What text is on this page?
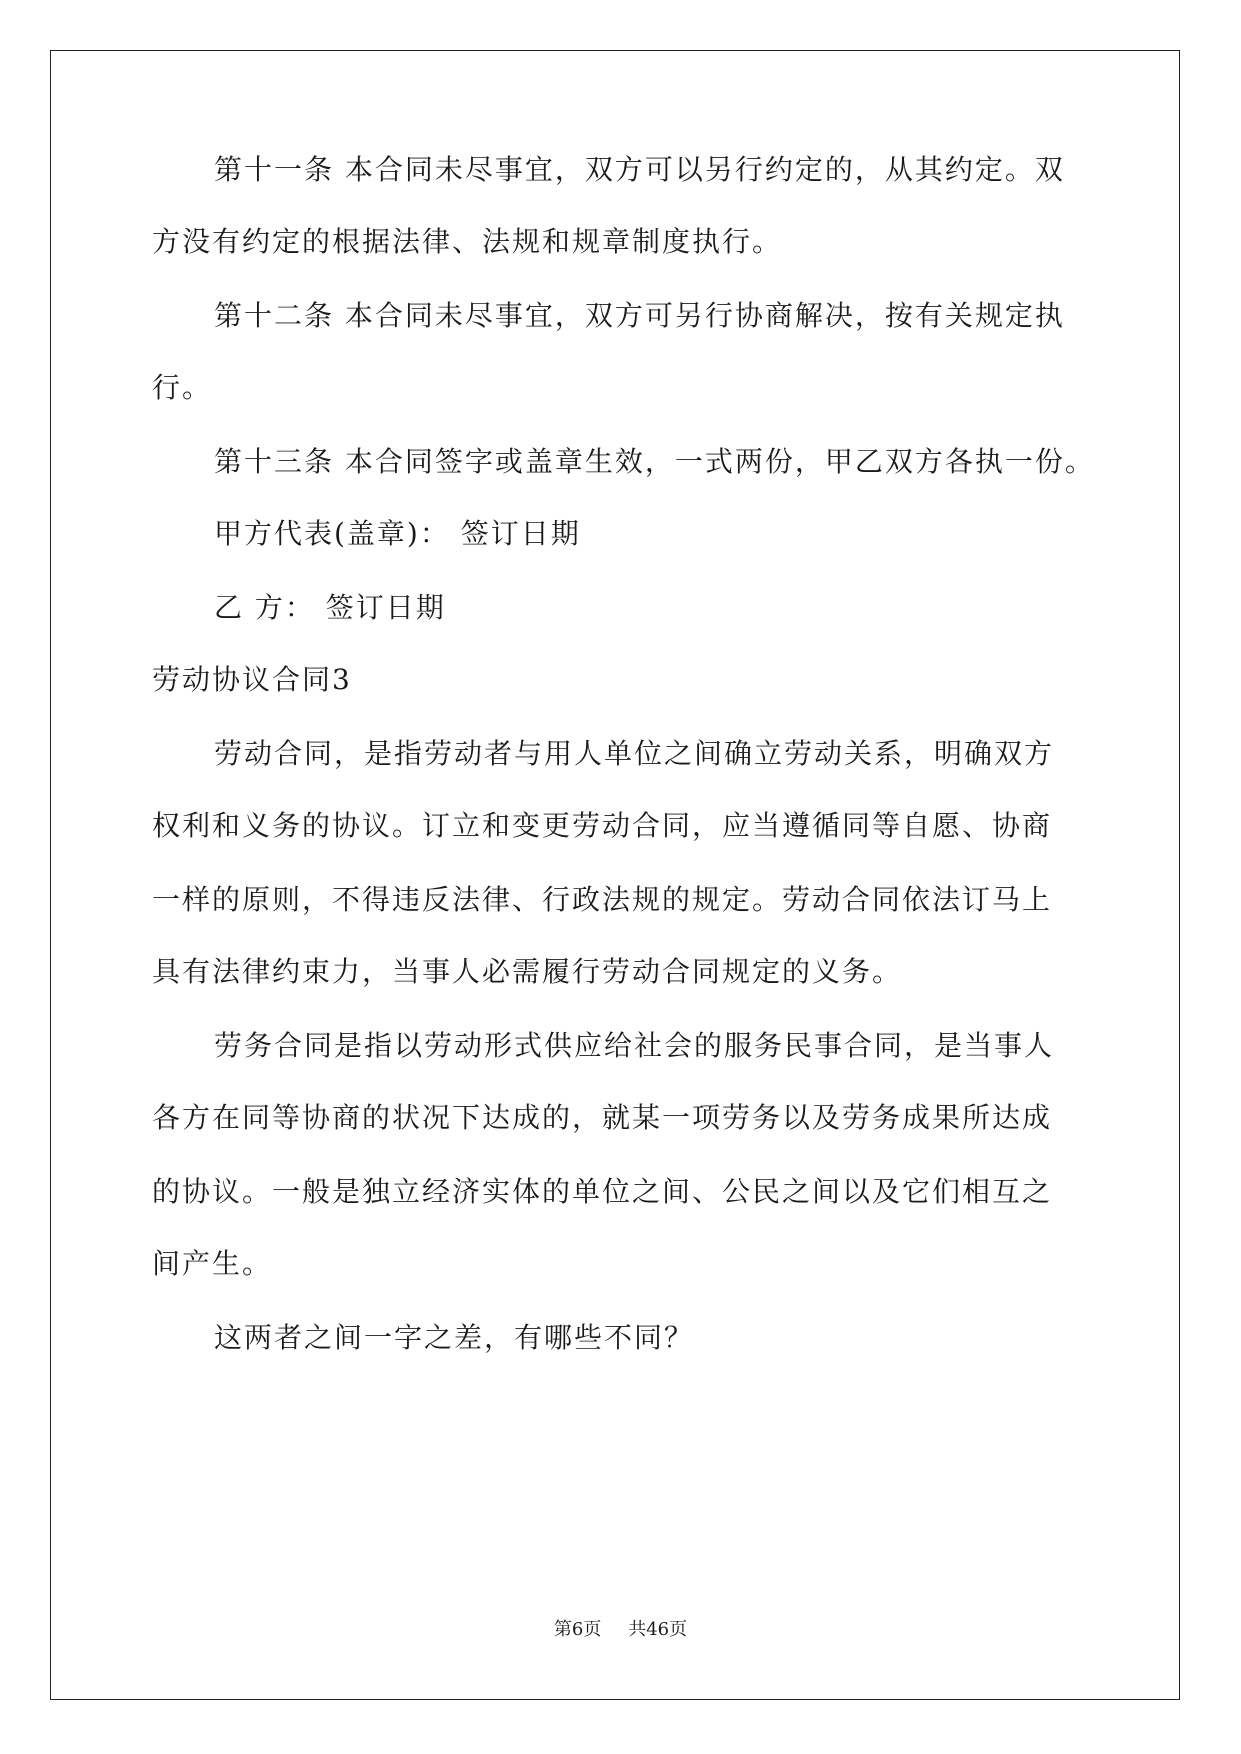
第十一条 本合同未尽事宜，双方可以另行约定的，从其约定。双
方没有约定的根据法律、法规和规章制度执行。
第十二条 本合同未尽事宜，双方可另行协商解决，按有关规定执
行。
第十三条 本合同签字或盖章生效，一式两份，甲乙双方各执一份。
甲方代表(盖章)： 签订日期
乙 方： 签订日期
劳动协议合同3
劳动合同，是指劳动者与用人单位之间确立劳动关系，明确双方
权利和义务的协议。订立和变更劳动合同，应当遵循同等自愿、协商
一样的原则，不得违反法律、行政法规的规定。劳动合同依法订马上
具有法律约束力，当事人必需履行劳动合同规定的义务。
劳务合同是指以劳动形式供应给社会的服务民事合同，是当事人
各方在同等协商的状况下达成的，就某一项劳务以及劳务成果所达成
的协议。一般是独立经济实体的单位之间、公民之间以及它们相互之
间产生。
这两者之间一字之差，有哪些不同？
第6页 共46页
